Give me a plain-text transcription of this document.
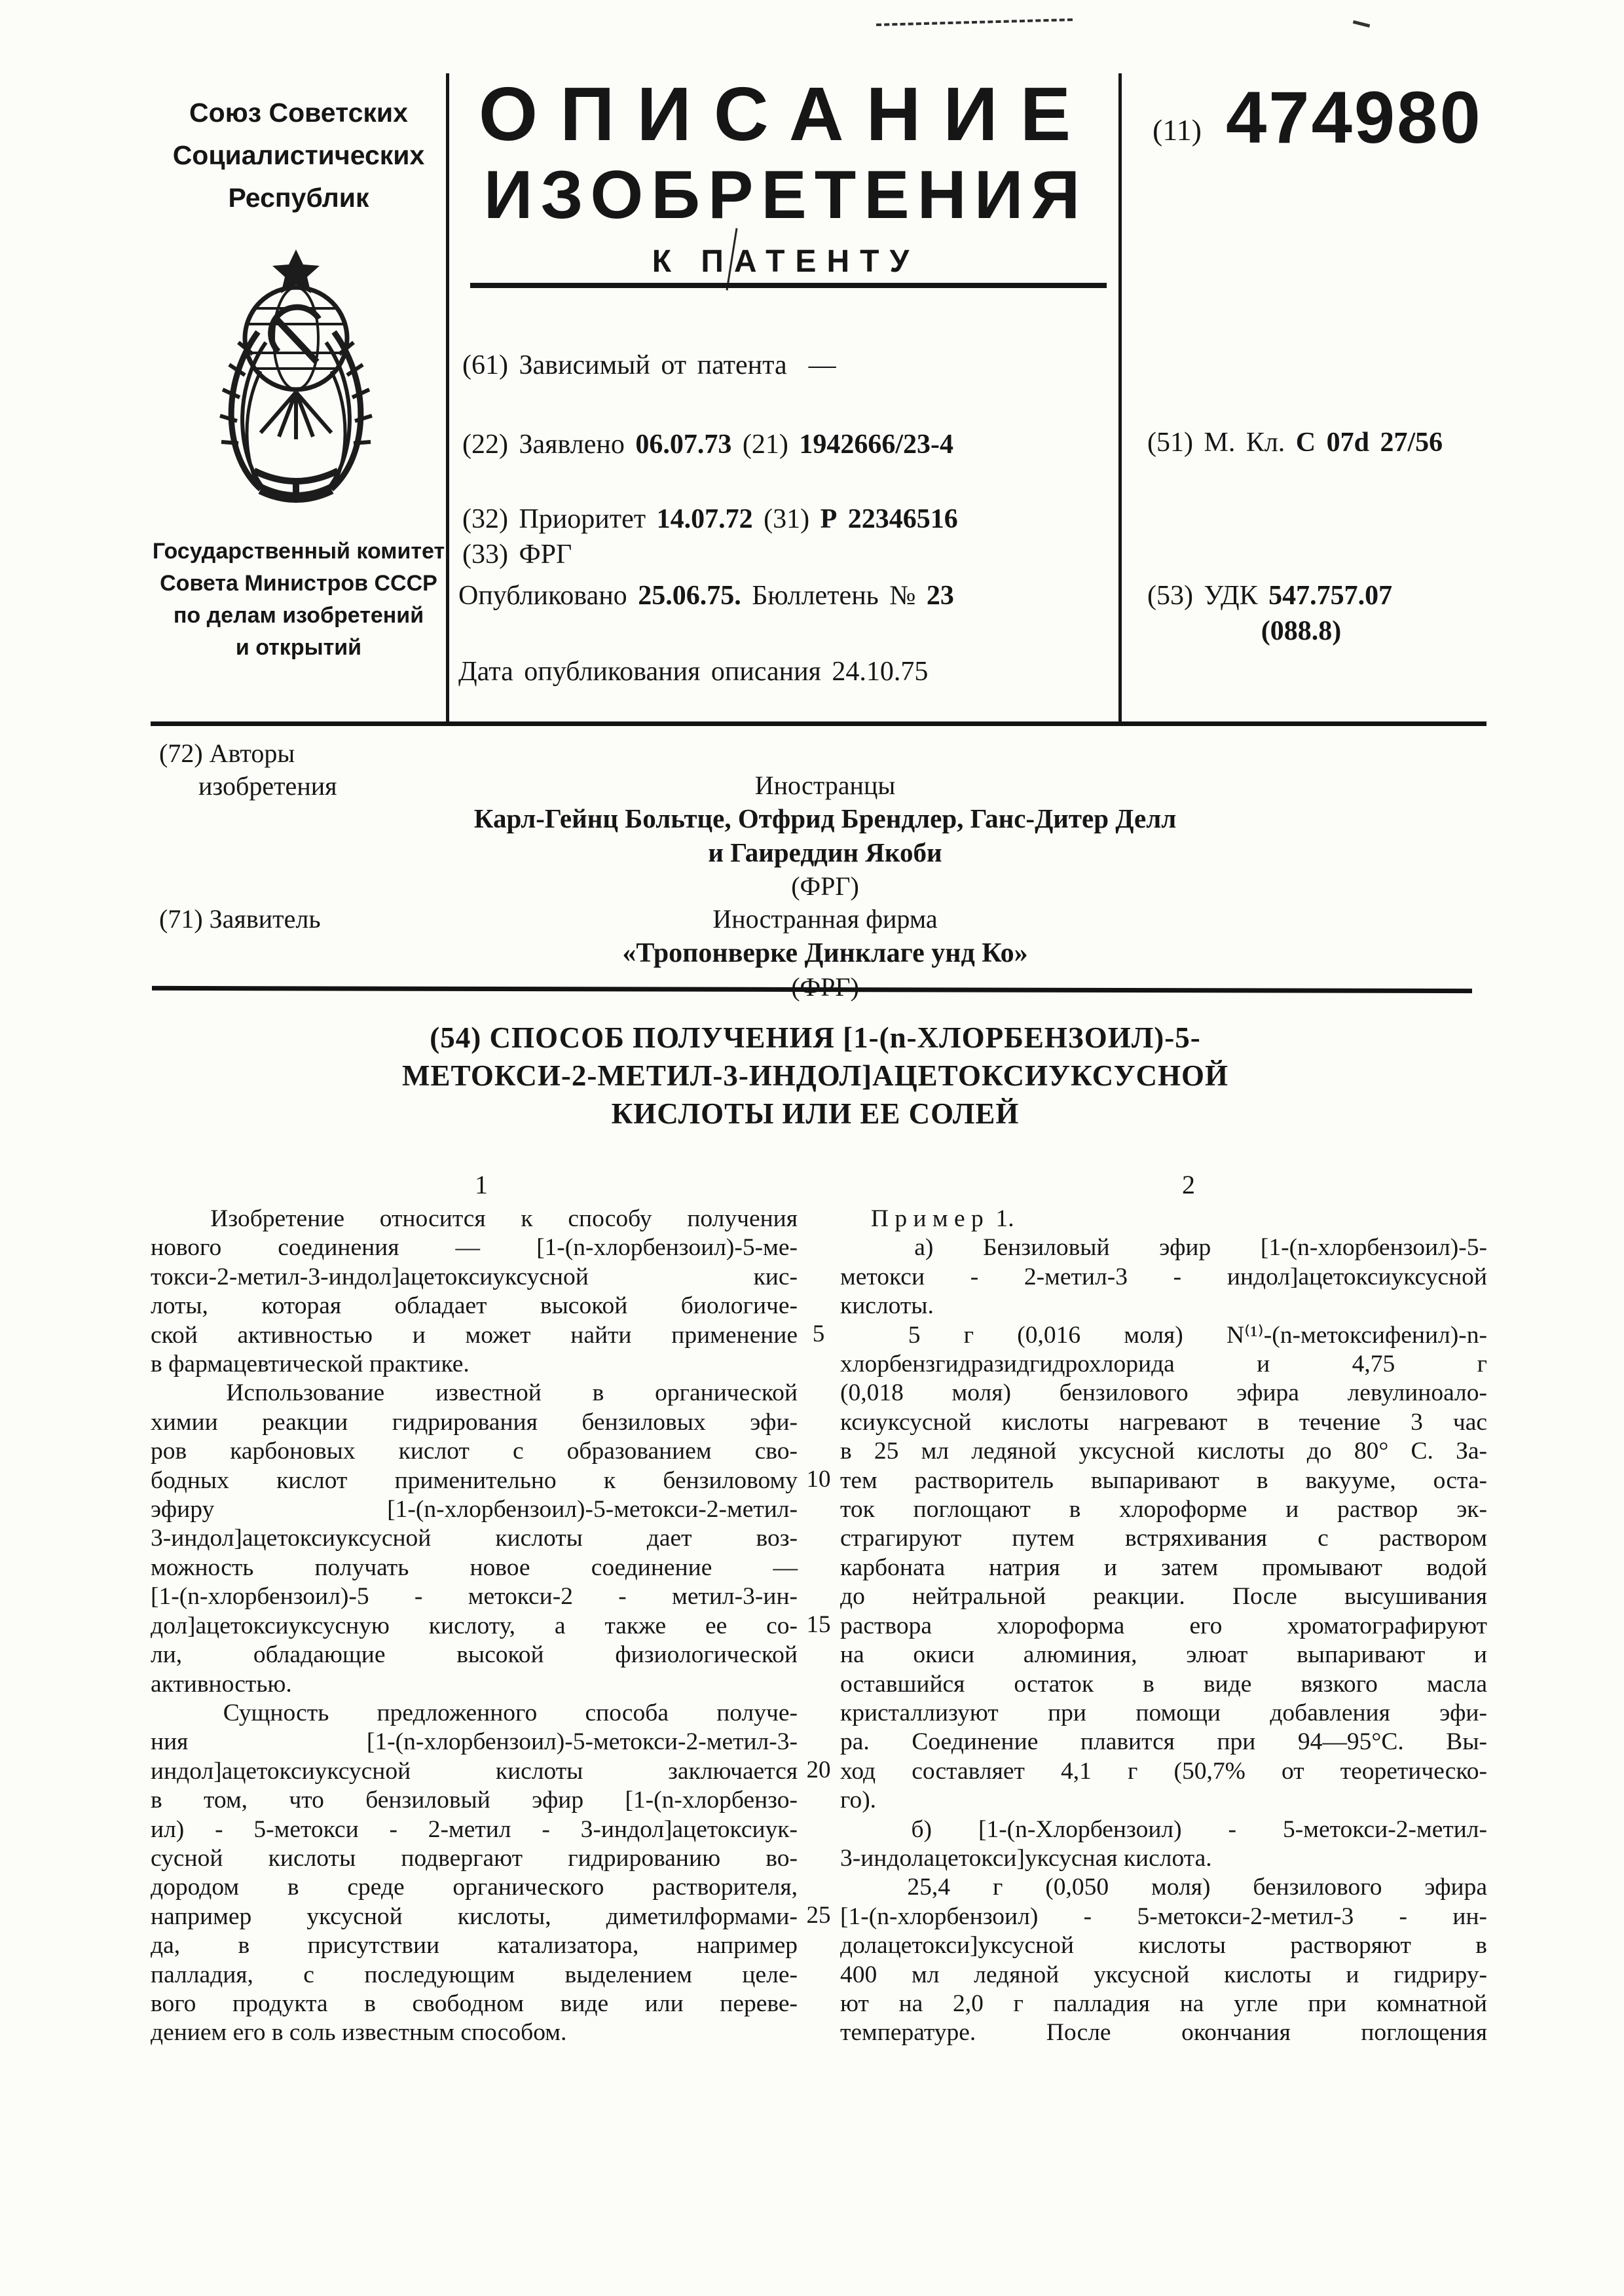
Союз Советских
Социалистических
Республик
Государственный комитет
Совета Министров СССР
по делам изобретений
и открытий
ОПИСАНИЕ
ИЗОБРЕТЕНИЯ
К ПАТЕНТУ
(11) 474980
(61) Зависимый от патента  —
(22) Заявлено 06.07.73 (21) 1942666/23-4
(32) Приоритет 14.07.72 (31) Р 22346516
(33) ФРГ
Опубликовано 25.06.75. Бюллетень № 23
Дата опубликования описания 24.10.75
(51) М. Кл. С 07d 27/56
(53) УДК 547.757.07
(088.8)
(72) Авторы
изобретения	Иностранцы
Карл-Гейнц Больтце, Отфрид Брендлер, Ганс-Дитер Делл
и Гаиреддин Якоби
(ФРГ)
(71) Заявитель	Иностранная фирма
«Тропонверке Динклаге унд Ко»
(54) СПОСОБ ПОЛУЧЕНИЯ [1-(n-ХЛОРБЕНЗОИЛ)-5-
МЕТОКСИ-2-МЕТИЛ-3-ИНДОЛ]АЦЕТОКСИУКСУСНОЙ
КИСЛОТЫ ИЛИ ЕЕ СОЛЕЙ
1	2
  Изобретение относится к способу получения
нового соединения — [1-(n-хлорбензоил)-5-ме-
токси-2-метил-3-индол]ацетоксиуксусной кис-
лоты, которая обладает высокой биологиче-
ской активностью и может найти применение
в фармацевтической практике.
  Использование известной в органической
химии реакции гидрирования бензиловых эфи-
ров карбоновых кислот с образованием сво-
бодных кислот применительно к бензиловому
эфиру [1-(n-хлорбензоил)-5-метокси-2-метил-
3-индол]ацетоксиуксусной кислоты дает воз-
можность получать новое соединение —
[1-(n-хлорбензоил)-5 - метокси-2 - метил-3-ин-
дол]ацетоксиуксусную кислоту, а также ее со-
ли, обладающие высокой физиологической
активностью.
  Сущность предложенного способа получе-
ния [1-(n-хлорбензоил)-5-метокси-2-метил-3-
индол]ацетоксиуксусной кислоты заключается
в том, что бензиловый эфир [1-(n-хлорбензо-
ил) - 5-метокси - 2-метил - 3-индол]ацетоксиук-
сусной кислоты подвергают гидрированию во-
дородом в среде органического растворителя,
например уксусной кислоты, диметилформами-
да, в присутствии катализатора, например
палладия, с последующим выделением целе-
вого продукта в свободном виде или переве-
дением его в соль известным способом.
  П р и м е р  1.
  а) Бензиловый эфир [1-(n-хлорбензоил)-5-
метокси - 2-метил-3 - индол]ацетоксиуксусной
кислоты.
  5 г (0,016 моля) N⁽¹⁾-(n-метоксифенил)-n-
хлорбензгидразидгидрохлорида и 4,75 г
(0,018 моля) бензилового эфира левулиноало-
ксиуксусной кислоты нагревают в течение 3 час
в 25 мл ледяной уксусной кислоты до 80° С. За-
тем растворитель выпаривают в вакууме, оста-
ток поглощают в хлороформе и раствор эк-
страгируют путем встряхивания с раствором
карбоната натрия и затем промывают водой
до нейтральной реакции. После высушивания
раствора хлороформа его хроматографируют
на окиси алюминия, элюат выпаривают и
оставшийся остаток в виде вязкого масла
кристаллизуют при помощи добавления эфи-
ра. Соединение плавится при 94—95°С. Вы-
ход составляет 4,1 г (50,7% от теоретическо-
го).
  б) [1-(n-Хлорбензоил) - 5-метокси-2-метил-
3-индолацетокси]уксусная кислота.
  25,4 г (0,050 моля) бензилового эфира
[1-(n-хлорбензоил) - 5-метокси-2-метил-3 - ин-
долацетокси]уксусной кислоты растворяют в
400 мл ледяной уксусной кислоты и гидриру-
ют на 2,0 г палладия на угле при комнатной
температуре. После окончания поглощения
5
10
15
20
25
